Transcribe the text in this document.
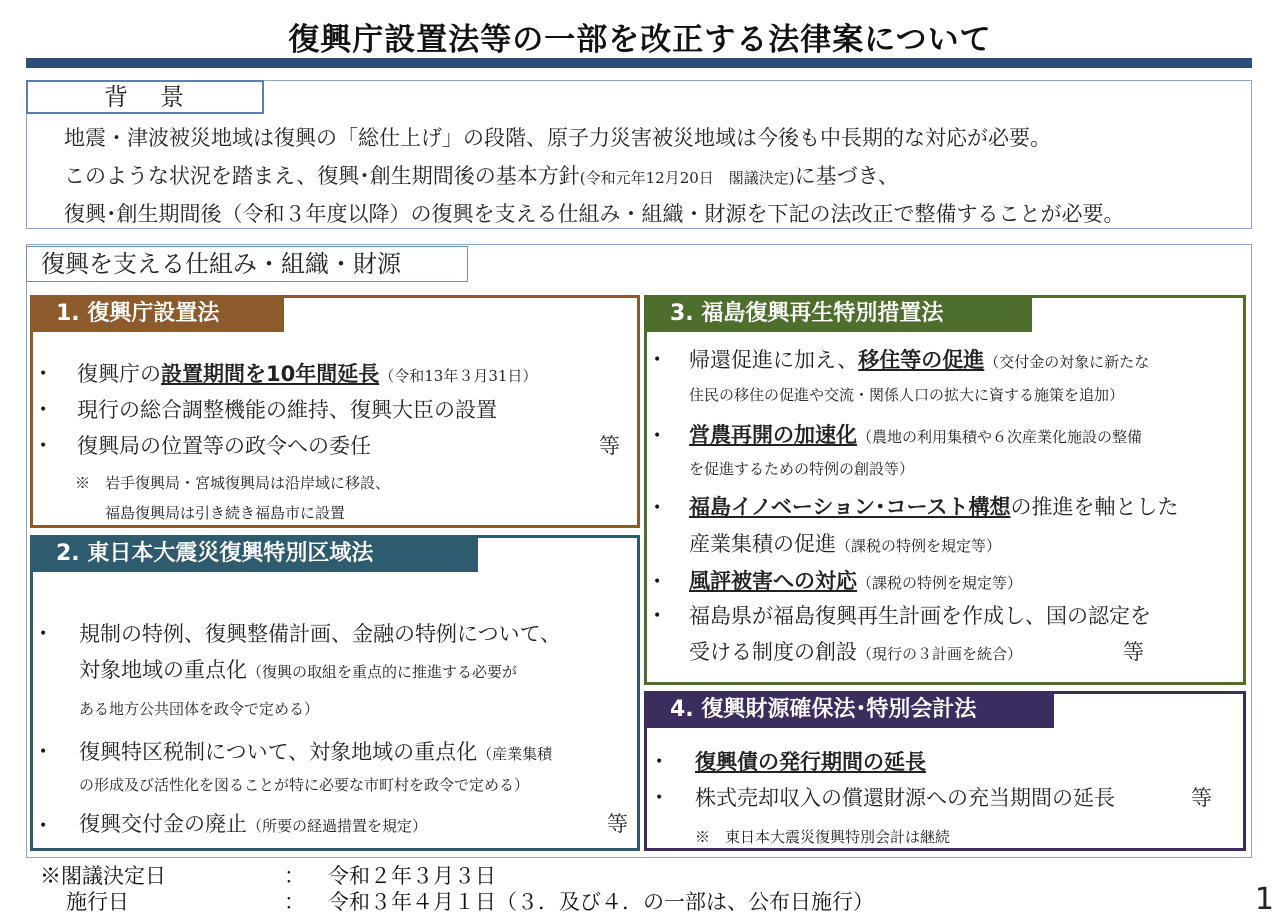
復興庁設置法等の一部を改正する法律案について
背　景
地震・津波被災地域は復興の「総仕上げ」の段階、原子力災害被災地域は今後も中長期的な対応が必要。
このような状況を踏まえ、復興･創生期間後の基本方針(令和元年12月20日　閣議決定)に基づき、
復興･創生期間後（令和３年度以降）の復興を支える仕組み・組織・財源を下記の法改正で整備することが必要。
復興を支える仕組み・組織・財源
1. 復興庁設置法
• 復興庁の設置期間を10年間延長（令和13年３月31日）
• 現行の総合調整機能の維持、復興大臣の設置
• 復興局の位置等の政令への委任	等
※　岩手復興局・宮城復興局は沿岸域に移設、
福島復興局は引き続き福島市に設置
2. 東日本大震災復興特別区域法
• 規制の特例、復興整備計画、金融の特例について、
対象地域の重点化（復興の取組を重点的に推進する必要が
ある地方公共団体を政令で定める）
• 復興特区税制について、対象地域の重点化（産業集積
の形成及び活性化を図ることが特に必要な市町村を政令で定める）
• 復興交付金の廃止（所要の経過措置を規定）	等
3. 福島復興再生特別措置法
• 帰還促進に加え、移住等の促進（交付金の対象に新たな
住民の移住の促進や交流・関係人口の拡大に資する施策を追加）
• 営農再開の加速化（農地の利用集積や６次産業化施設の整備
を促進するための特例の創設等）
• 福島イノベーション･コースト構想の推進を軸とした
産業集積の促進（課税の特例を規定等）
• 風評被害への対応（課税の特例を規定等）
• 福島県が福島復興再生計画を作成し、国の認定を
受ける制度の創設（現行の３計画を統合）	等
4. 復興財源確保法･特別会計法
• 復興債の発行期間の延長
• 株式売却収入の償還財源への充当期間の延長	等
※　東日本大震災復興特別会計は継続
※閣議決定日	： 令和２年３月３日
施行日	： 令和３年４月１日（３．及び４．の一部は、公布日施行）	1
